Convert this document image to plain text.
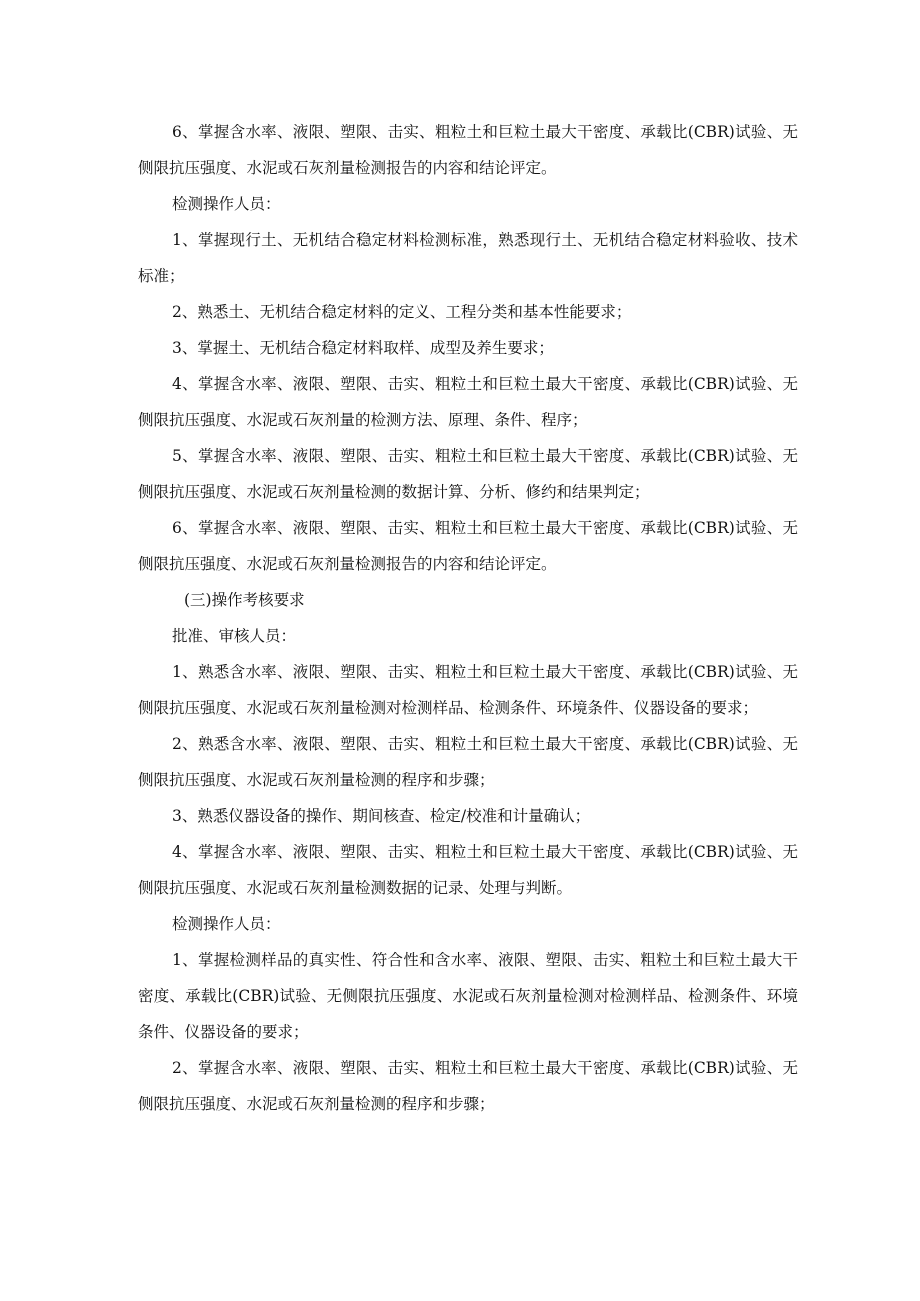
6、掌握含水率、液限、塑限、击实、粗粒土和巨粒土最大干密度、承载比(CBR)试验、无侧限抗压强度、水泥或石灰剂量检测报告的内容和结论评定。

检测操作人员：

1、掌握现行土、无机结合稳定材料检测标准，熟悉现行土、无机结合稳定材料验收、技术标准；

2、熟悉土、无机结合稳定材料的定义、工程分类和基本性能要求；

3、掌握土、无机结合稳定材料取样、成型及养生要求；

4、掌握含水率、液限、塑限、击实、粗粒土和巨粒土最大干密度、承载比(CBR)试验、无侧限抗压强度、水泥或石灰剂量的检测方法、原理、条件、程序；

5、掌握含水率、液限、塑限、击实、粗粒土和巨粒土最大干密度、承载比(CBR)试验、无侧限抗压强度、水泥或石灰剂量检测的数据计算、分析、修约和结果判定；

6、掌握含水率、液限、塑限、击实、粗粒土和巨粒土最大干密度、承载比(CBR)试验、无侧限抗压强度、水泥或石灰剂量检测报告的内容和结论评定。

(三)操作考核要求

批准、审核人员：

1、熟悉含水率、液限、塑限、击实、粗粒土和巨粒土最大干密度、承载比(CBR)试验、无侧限抗压强度、水泥或石灰剂量检测对检测样品、检测条件、环境条件、仪器设备的要求；

2、熟悉含水率、液限、塑限、击实、粗粒土和巨粒土最大干密度、承载比(CBR)试验、无侧限抗压强度、水泥或石灰剂量检测的程序和步骤；

3、熟悉仪器设备的操作、期间核查、检定/校准和计量确认；

4、掌握含水率、液限、塑限、击实、粗粒土和巨粒土最大干密度、承载比(CBR)试验、无侧限抗压强度、水泥或石灰剂量检测数据的记录、处理与判断。

检测操作人员：

1、掌握检测样品的真实性、符合性和含水率、液限、塑限、击实、粗粒土和巨粒土最大干密度、承载比(CBR)试验、无侧限抗压强度、水泥或石灰剂量检测对检测样品、检测条件、环境条件、仪器设备的要求；

2、掌握含水率、液限、塑限、击实、粗粒土和巨粒土最大干密度、承载比(CBR)试验、无侧限抗压强度、水泥或石灰剂量检测的程序和步骤；
